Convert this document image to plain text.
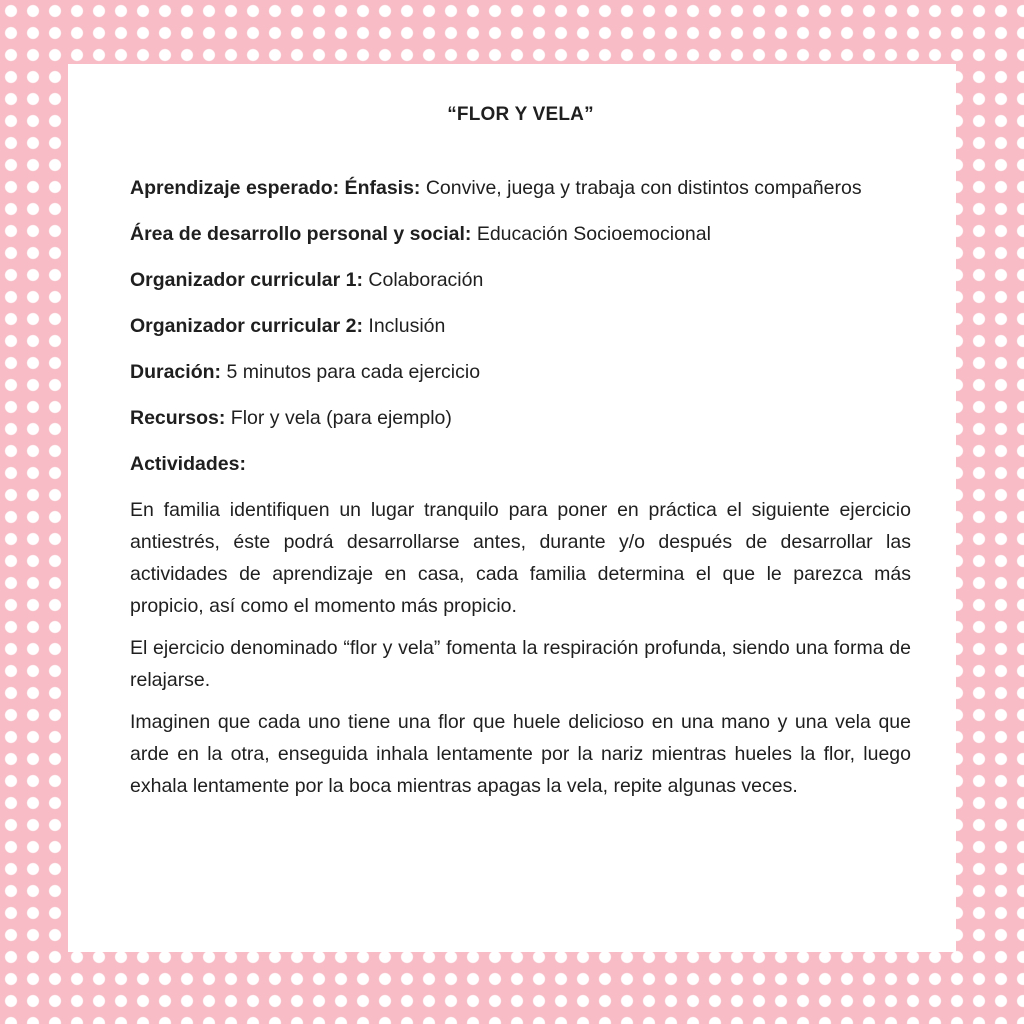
“FLOR Y VELA”

Aprendizaje esperado: Énfasis: Convive, juega y trabaja con distintos compañeros

Área de desarrollo personal y social: Educación Socioemocional

Organizador curricular 1: Colaboración

Organizador curricular 2: Inclusión

Duración: 5 minutos para cada ejercicio

Recursos: Flor y vela (para ejemplo)

Actividades:

En familia identifiquen un lugar tranquilo para poner en práctica el siguiente ejercicio antiestrés, éste podrá desarrollarse antes, durante y/o después de desarrollar las actividades de aprendizaje en casa, cada familia determina el que le parezca más propicio, así como el momento más propicio.

El ejercicio denominado “flor y vela” fomenta la respiración profunda, siendo una forma de relajarse.

Imaginen que cada uno tiene una flor que huele delicioso en una mano y una vela que arde en la otra, enseguida inhala lentamente por la nariz mientras hueles la flor, luego exhala lentamente por la boca mientras apagas la vela, repite algunas veces.
